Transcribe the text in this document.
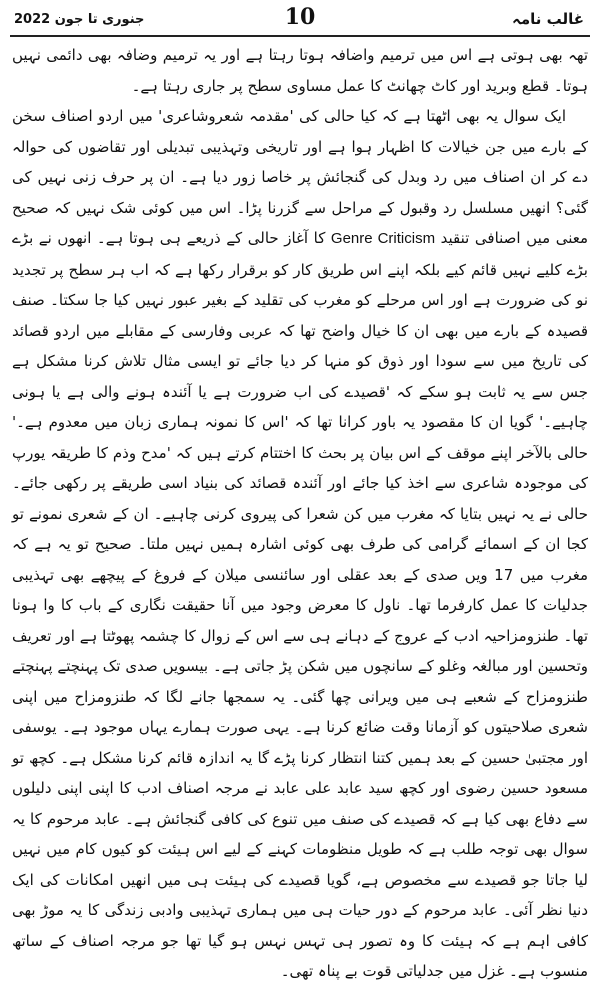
غالب نامہ
10
جنوری تا جون 2022

تھہ بھی ہوتی ہے اس میں ترمیم واضافہ ہوتا رہتا ہے اور یہ ترمیم وضافہ بھی دائمی نہیں ہوتا۔ قطع وبرید اور کاٹ چھانٹ کا عمل مساوی سطح پر جاری رہتا ہے۔

ایک سوال یہ بھی اٹھتا ہے کہ کیا حالی کی 'مقدمہ شعروشاعری' میں اردو اصناف سخن کے بارے میں جن خیالات کا اظہار ہوا ہے اور تاریخی وتہذیبی تبدیلی اور تقاضوں کی حوالہ دے کر ان اصناف میں رد وبدل کی گنجائش پر خاصا زور دیا ہے۔ ان پر حرف زنی نہیں کی گئی؟ انھیں مسلسل رد وقبول کے مراحل سے گزرنا پڑا۔ اس میں کوئی شک نہیں کہ صحیح معنی میں اصنافی تنقید Genre Criticism کا آغاز حالی کے ذریعے ہی ہوتا ہے۔ انھوں نے بڑے بڑے کلیے نہیں قائم کیے بلکہ اپنے اس طریق کار کو برقرار رکھا ہے کہ اب ہر سطح پر تجدید نو کی ضرورت ہے اور اس مرحلے کو مغرب کی تقلید کے بغیر عبور نہیں کیا جا سکتا۔ صنف قصیدہ کے بارے میں بھی ان کا خیال واضح تھا کہ عربی وفارسی کے مقابلے میں اردو قصائد کی تاریخ میں سے سودا اور ذوق کو منہا کر دیا جائے تو ایسی مثال تلاش کرنا مشکل ہے جس سے یہ ثابت ہو سکے کہ 'قصیدے کی اب ضرورت ہے یا آئندہ ہونے والی ہے یا ہونی چاہیے۔' گویا ان کا مقصود یہ باور کرانا تھا کہ 'اس کا نمونہ ہماری زبان میں معدوم ہے۔' حالی بالآخر اپنے موقف کے اس بیان پر بحث کا اختتام کرتے ہیں کہ 'مدح وذم کا طریقہ یورپ کی موجودہ شاعری سے اخذ کیا جائے اور آئندہ قصائد کی بنیاد اسی طریقے پر رکھی جائے۔ حالی نے یہ نہیں بتایا کہ مغرب میں کن شعرا کی پیروی کرنی چاہیے۔ ان کے شعری نمونے تو کجا ان کے اسمائے گرامی کی طرف بھی کوئی اشارہ ہمیں نہیں ملتا۔ صحیح تو یہ ہے کہ مغرب میں 17 ویں صدی کے بعد عقلی اور سائنسی میلان کے فروغ کے پیچھے بھی تہذیبی جدلیات کا عمل کارفرما تھا۔ ناول کا معرض وجود میں آنا حقیقت نگاری کے باب کا وا ہونا تھا۔ طنزومزاحیہ ادب کے عروج کے دہانے ہی سے اس کے زوال کا چشمہ پھوٹتا ہے اور تعریف وتحسین اور مبالغہ وغلو کے سانچوں میں شکن پڑ جاتی ہے۔ بیسویں صدی تک پہنچتے پہنچتے طنزومزاح کے شعبے ہی میں ویرانی چھا گئی۔ یہ سمجھا جانے لگا کہ طنزومزاح میں اپنی شعری صلاحیتوں کو آزمانا وقت ضائع کرنا ہے۔ یہی صورت ہمارے یہاں موجود ہے۔ یوسفی اور مجتبیٰ حسین کے بعد ہمیں کتنا انتظار کرنا پڑے گا یہ اندازہ قائم کرنا مشکل ہے۔ کچھ تو مسعود حسین رضوی اور کچھ سید عابد علی عابد نے مرجہ اصناف ادب کا اپنی اپنی دلیلوں سے دفاع بھی کیا ہے کہ قصیدے کی صنف میں تنوع کی کافی گنجائش ہے۔ عابد مرحوم کا یہ سوال بھی توجہ طلب ہے کہ طویل منظومات کہنے کے لیے اس ہیئت کو کیوں کام میں نہیں لیا جاتا جو قصیدے سے مخصوص ہے، گویا قصیدے کی ہیئت ہی میں انھیں امکانات کی ایک دنیا نظر آئی۔ عابد مرحوم کے دور حیات ہی میں ہماری تہذیبی وادبی زندگی کا یہ موڑ بھی کافی اہم ہے کہ ہیئت کا وہ تصور ہی تہس نہس ہو گیا تھا جو مرجہ اصناف کے ساتھ منسوب ہے۔ غزل میں جدلیاتی قوت بے پناہ تھی۔
